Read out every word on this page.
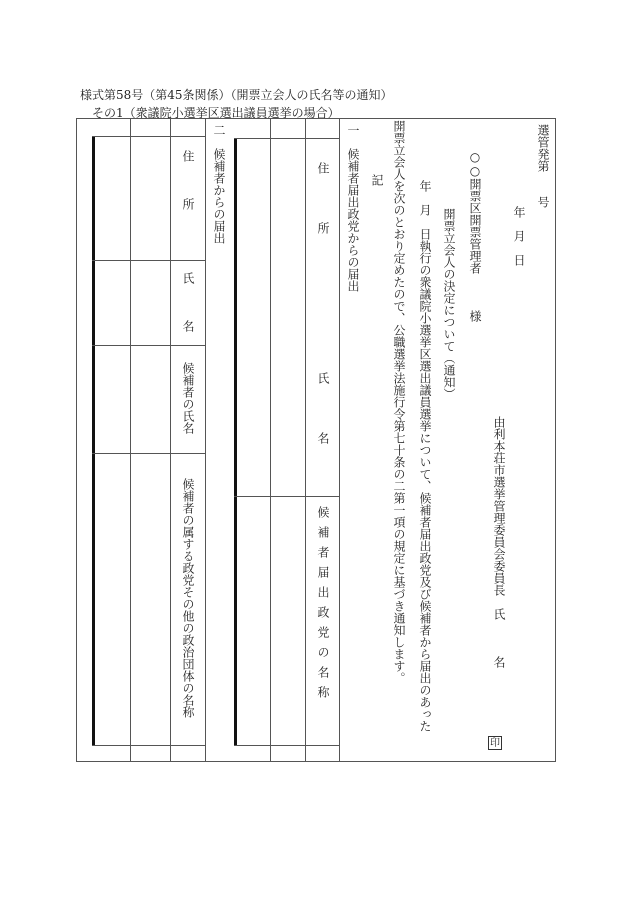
様式第58号（第45条関係）（開票立会人の氏名等の通知）
その1（衆議院小選挙区選出議員選挙の場合）
選管発第　　号
年　月　日
由利本荘市選挙管理委員会委員長　氏　　　名
印
○○開票区開票管理者　　　様
開票立会人の決定について（通知）
年　月　日執行の衆議院小選挙区選出議員選挙について、候補者届出政党及び候補者から届出のあった
開票立会人を次のとおり定めたので、公職選挙法施行令第七十条の二第一項の規定に基づき通知します。
記
一　候補者届出政党からの届出
住　　　　所
氏　　　　名
候補者届出政党の名称
二　候補者からの届出
住　　　所
氏　　　名
候補者の氏名
候補者の属する政党その他の政治団体の名称
